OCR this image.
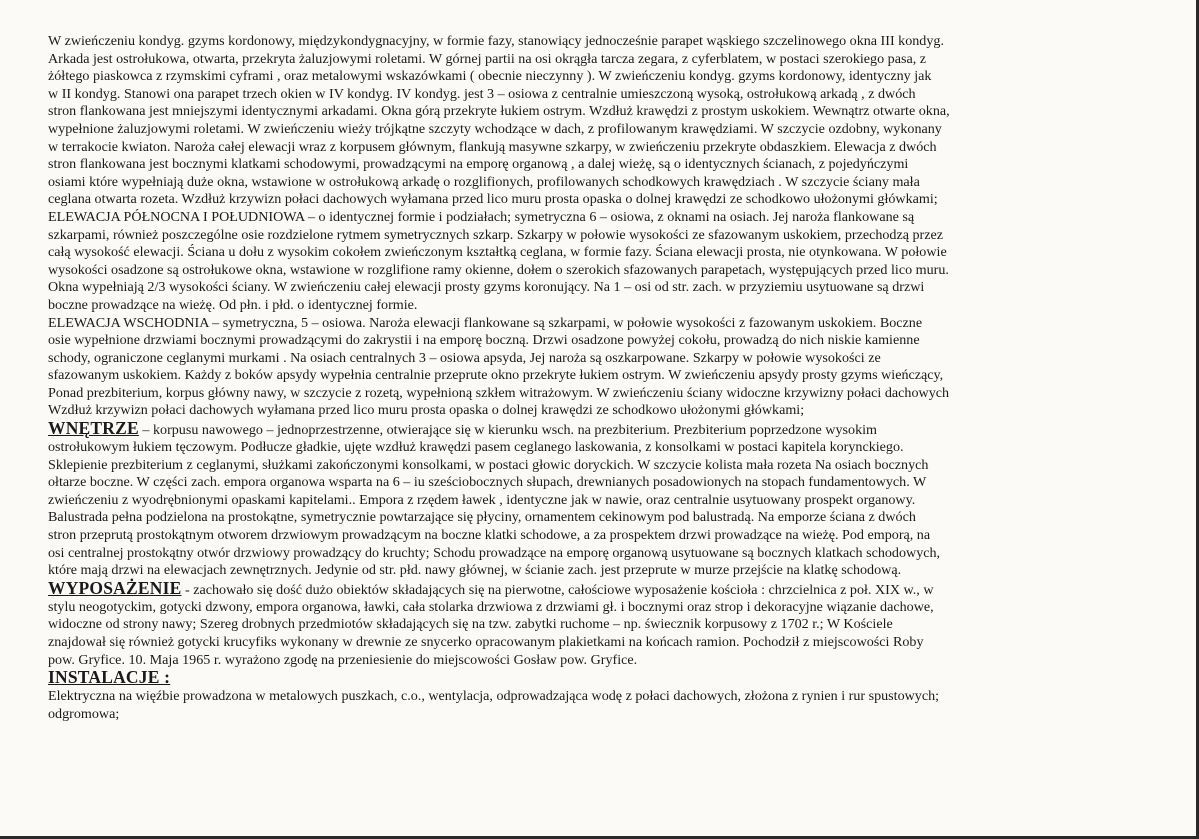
W zwieńczeniu kondyg. gzyms kordonowy, międzykondygnacyjny, w formie fazy, stanowiący jednocześnie parapet wąskiego szczelinowego okna III kondyg.
Arkada jest ostrołukowa, otwarta, przekryta żaluzjowymi roletami. W górnej partii na osi okrągła tarcza zegara, z cyferblatem, w postaci szerokiego pasa, z
żółtego piaskowca z rzymskimi cyframi , oraz metalowymi wskazówkami ( obecnie nieczynny ). W zwieńczeniu kondyg. gzyms kordonowy, identyczny jak
w II kondyg. Stanowi ona parapet trzech okien w IV kondyg. IV kondyg. jest 3 – osiowa z centralnie umieszczoną wysoką, ostrołukową arkadą , z dwóch
stron flankowana jest mniejszymi identycznymi arkadami. Okna górą przekryte łukiem ostrym. Wzdłuż krawędzi z prostym uskokiem. Wewnątrz otwarte okna,
wypełnione żaluzjowymi roletami. W zwieńczeniu wieży trójkątne szczyty wchodzące w dach, z profilowanym krawędziami. W szczycie ozdobny, wykonany
w terrakocie kwiaton. Naroża całej elewacji wraz z korpusem głównym, flankują masywne szkarpy, w zwieńczeniu przekryte obdaszkiem. Elewacja z dwóch
stron flankowana jest bocznymi klatkami schodowymi, prowadzącymi na emporę organową , a dalej wieżę, są o identycznych ścianach, z pojedyńczymi
osiami które wypełniają duże okna, wstawione w ostrołukową arkadę o rozglifionych, profilowanych schodkowych krawędziach . W szczycie ściany mała
ceglana otwarta rozeta. Wzdłuż krzywizn połaci dachowych wyłamana przed lico muru prosta opaska o dolnej krawędzi ze schodkowo ułożonymi główkami;
ELEWACJA PÓŁNOCNA I POŁUDNIOWA – o identycznej formie i podziałach; symetryczna 6 – osiowa, z oknami na osiach. Jej naroża flankowane są
szkarpami, również poszczególne osie rozdzielone rytmem symetrycznych szkarp. Szkarpy w połowie wysokości ze sfazowanym uskokiem, przechodzą przez
całą wysokość elewacji. Ściana u dołu z wysokim cokołem zwieńczonym kształtką ceglana, w formie fazy. Ściana elewacji prosta, nie otynkowana. W połowie
wysokości osadzone są ostrołukowe okna, wstawione w rozglifione ramy okienne, dołem o szerokich sfazowanych parapetach, występujących przed lico muru.
Okna wypełniają 2/3 wysokości ściany. W zwieńczeniu całej elewacji prosty gzyms koronujący. Na 1 – osi od str. zach. w przyziemiu usytuowane są drzwi
boczne prowadzące na wieżę. Od płn. i płd. o identycznej formie.
ELEWACJA WSCHODNIA – symetryczna, 5 – osiowa. Naroża elewacji flankowane są szkarpami, w połowie wysokości z fazowanym uskokiem. Boczne
osie wypełnione drzwiami bocznymi prowadzącymi do zakrystii i na emporę boczną. Drzwi osadzone powyżej cokołu, prowadzą do nich niskie kamienne
schody, ograniczone ceglanymi murkami . Na osiach centralnych 3 – osiowa apsyda, Jej naroża są oszkarpowane. Szkarpy w połowie wysokości ze
sfazowanym uskokiem. Każdy z boków apsydy wypełnia centralnie przeprute okno przekryte łukiem ostrym. W zwieńczeniu apsydy prosty gzyms wieńczący,
Ponad prezbiterium, korpus główny nawy, w szczycie z rozetą, wypełnioną szkłem witrażowym. W zwieńczeniu ściany widoczne krzywizny połaci dachowych
Wzdłuż krzywizn połaci dachowych wyłamana przed lico muru prosta opaska o dolnej krawędzi ze schodkowo ułożonymi główkami;
WNĘTRZE – korpusu nawowego – jednoprzestrzenne, otwierające się w kierunku wsch. na prezbiterium. Prezbiterium poprzedzone wysokim
ostrołukowym łukiem tęczowym. Podłucze gładkie, ujęte wzdłuż krawędzi pasem ceglanego laskowania, z konsolkami w postaci kapitela korynckiego.
Sklepienie prezbiterium z ceglanymi, służkami zakończonymi konsolkami, w postaci głowic doryckich. W szczycie kolista mała rozeta Na osiach bocznych
ołtarze boczne. W części zach. empora organowa wsparta na 6 – iu sześciobocznych słupach, drewnianych posadowionych na stopach fundamentowych. W
zwieńczeniu z wyodrębnionymi opaskami kapitelami.. Empora z rzędem ławek , identyczne jak w nawie, oraz centralnie usytuowany prospekt organowy.
Balustrada pełna podzielona na prostokątne, symetrycznie powtarzające się płyciny, ornamentem cekinowym pod balustradą. Na emporze ściana z dwóch
stron przeprutą prostokątnym otworem drzwiowym prowadzącym na boczne klatki schodowe, a za prospektem drzwi prowadzące na wieżę. Pod emporą, na
osi centralnej prostokątny otwór drzwiowy prowadzący do kruchty; Schodu prowadzące na emporę organową usytuowane są bocznych klatkach schodowych,
które mają drzwi na elewacjach zewnętrznych. Jedynie od str. płd. nawy głównej, w ścianie zach. jest przeprute w murze przejście na klatkę schodową.
WYPOSAŻENIE - zachowało się dość dużo obiektów składających się na pierwotne, całościowe wyposażenie kościoła : chrzcielnica z poł. XIX w., w
stylu neogotyckim, gotycki dzwony, empora organowa, ławki, cała stolarka drzwiowa z drzwiami gł. i bocznymi oraz strop i dekoracyjne wiązanie dachowe,
widoczne od strony nawy; Szereg drobnych przedmiotów składających się na tzw. zabytki ruchome – np. świecznik korpusowy z 1702 r.; W Kościele
znajdował się również gotycki krucyfiks wykonany w drewnie ze snycerko opracowanym plakietkami na końcach ramion. Pochodził z miejscowości Roby
pow. Gryfice. 10. Maja 1965 r. wyrażono zgodę na przeniesienie do miejscowości Gosław pow. Gryfice.
INSTALACJE :
Elektryczna na więźbie prowadzona w metalowych puszkach, c.o., wentylacja, odprowadzająca wodę z połaci dachowych, złożona z rynien i rur spustowych;
odgromowa;
